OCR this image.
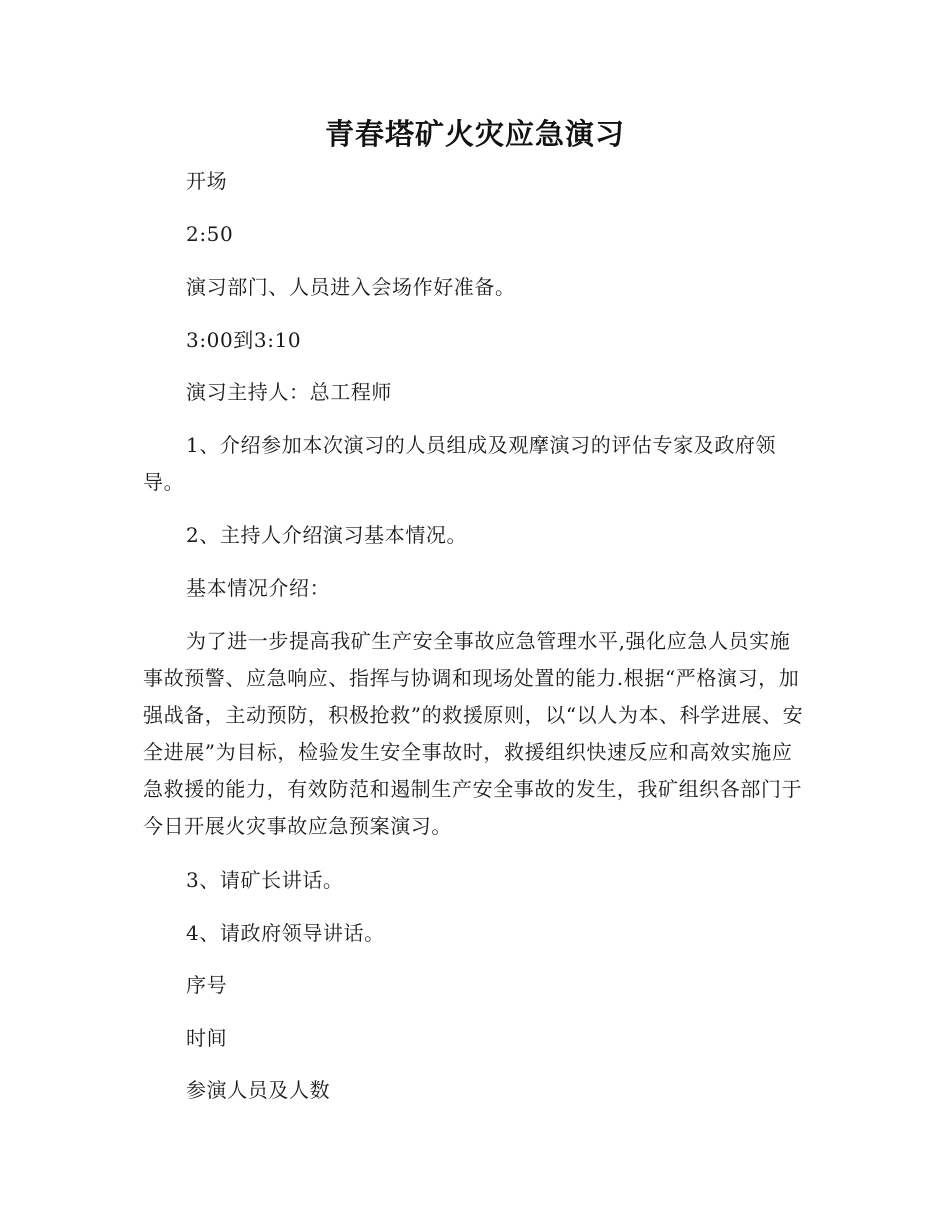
青春塔矿火灾应急演习

开场

2:50

演习部门、人员进入会场作好准备。

3:00到3:10

演习主持人：总工程师

1、介绍参加本次演习的人员组成及观摩演习的评估专家及政府领导。

2、主持人介绍演习基本情况。

基本情况介绍：

为了进一步提高我矿生产安全事故应急管理水平,强化应急人员实施事故预警、应急响应、指挥与协调和现场处置的能力.根据“严格演习，加强战备，主动预防，积极抢救”的救援原则，以“以人为本、科学进展、安全进展”为目标，检验发生安全事故时，救援组织快速反应和高效实施应急救援的能力，有效防范和遏制生产安全事故的发生，我矿组织各部门于今日开展火灾事故应急预案演习。

3、请矿长讲话。

4、请政府领导讲话。

序号

时间

参演人员及人数
